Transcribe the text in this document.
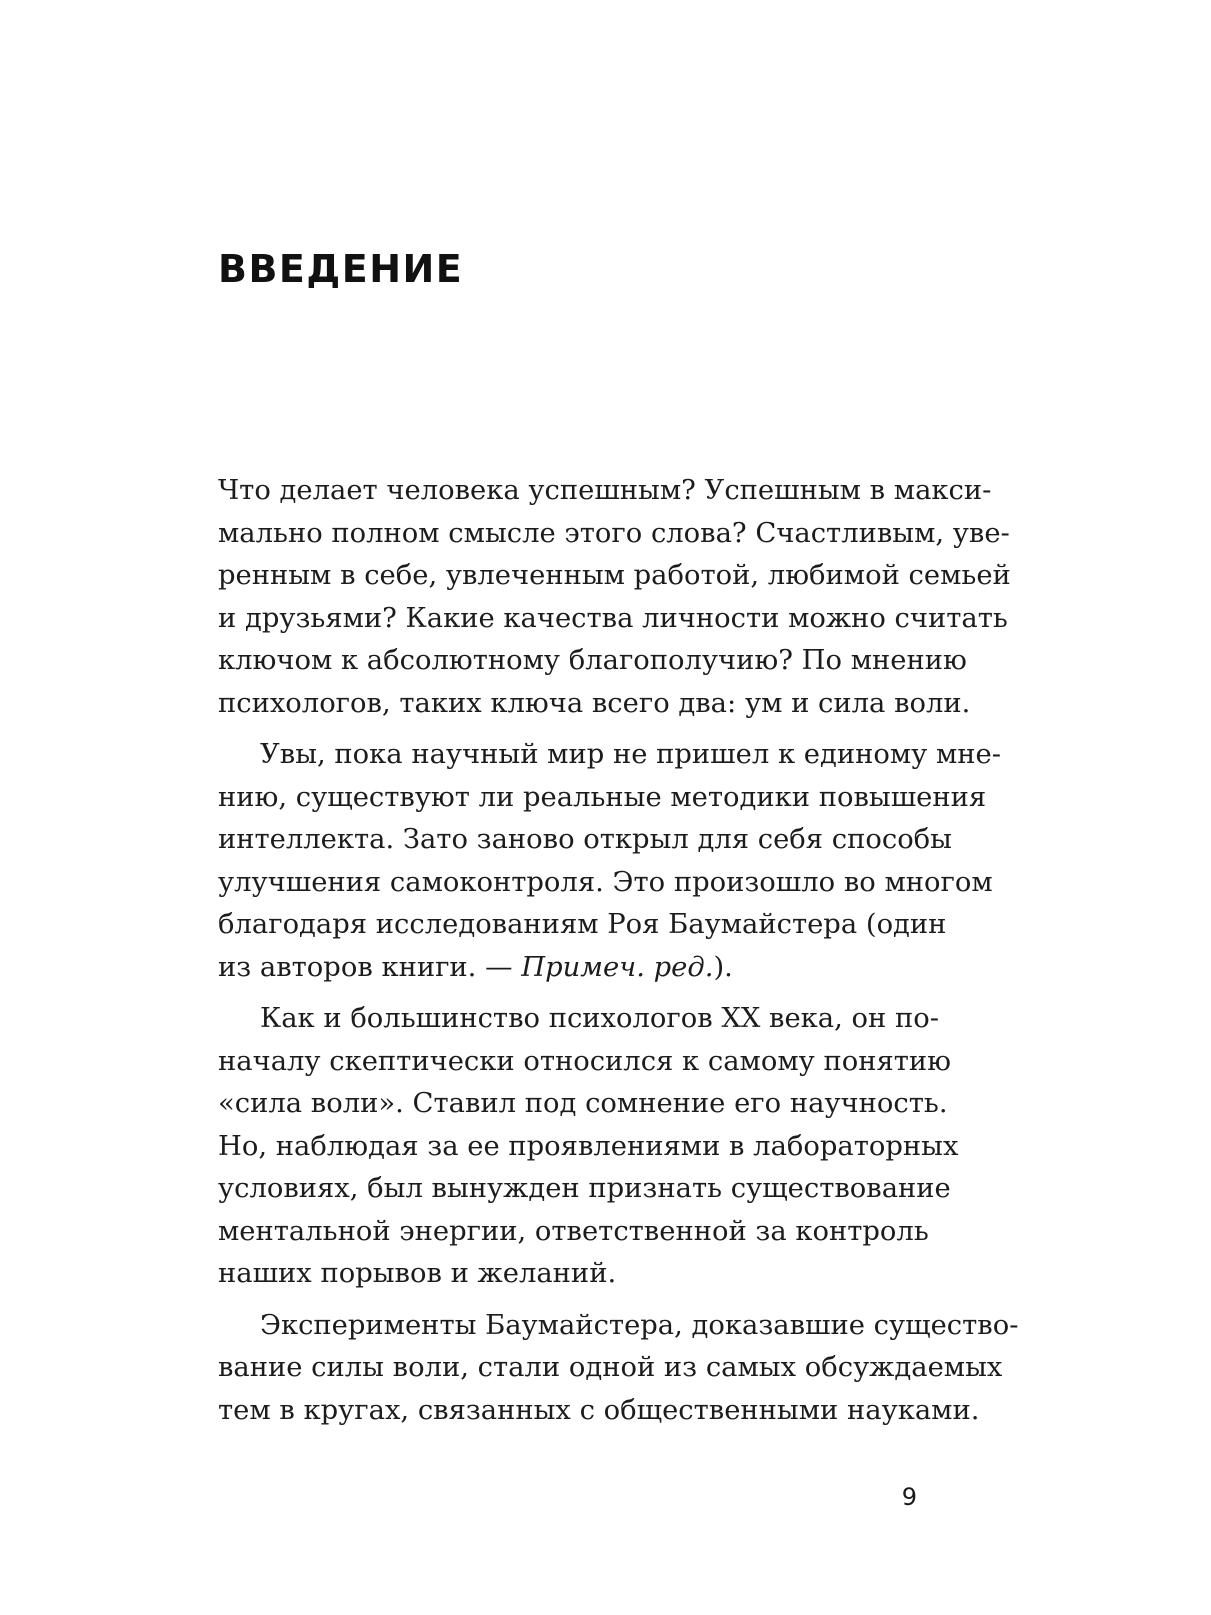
ВВЕДЕНИЕ

Что делает человека успешным? Успешным в макси-
мально полном смысле этого слова? Счастливым, уве-
ренным в себе, увлеченным работой, любимой семьей
и друзьями? Какие качества личности можно считать
ключом к абсолютному благополучию? По мнению
психологов, таких ключа всего два: ум и сила воли.

Увы, пока научный мир не пришел к единому мне-
нию, существуют ли реальные методики повышения
интеллекта. Зато заново открыл для себя способы
улучшения самоконтроля. Это произошло во многом
благодаря исследованиям Роя Баумайстера (один
из авторов книги. — Примеч. ред.).

Как и большинство психологов XX века, он по-
началу скептически относился к самому понятию
«сила воли». Ставил под сомнение его научность.
Но, наблюдая за ее проявлениями в лабораторных
условиях, был вынужден признать существование
ментальной энергии, ответственной за контроль
наших порывов и желаний.

Эксперименты Баумайстера, доказавшие существо-
вание силы воли, стали одной из самых обсуждаемых
тем в кругах, связанных с общественными науками.

9
